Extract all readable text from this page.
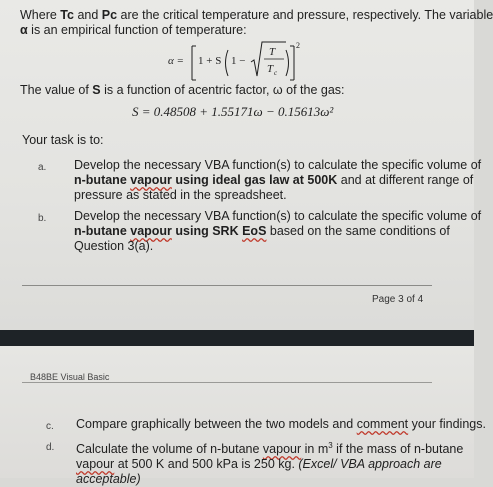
Where Tc and Pc are the critical temperature and pressure, respectively. The variable
α is an empirical function of temperature:
α = 1 + S 1 −
T
T c
2
The value of S is a function of acentric factor, ω of the gas:
S = 0.48508 + 1.55171ω − 0.15613ω²
Your task is to:
a. Develop the necessary VBA function(s) to calculate the specific volume of
n-butane vapour using ideal gas law at 500K and at different range of
pressure as stated in the spreadsheet.
b. Develop the necessary VBA function(s) to calculate the specific volume of
n-butane vapour using SRK EoS based on the same conditions of
Question 3(a).
Page 3 of 4
B48BE Visual Basic
c. Compare graphically between the two models and comment your findings.
d. Calculate the volume of n-butane vapour in $m^3$ if the mass of n-butane
vapour at 500 K and 500 kPa is 250 kg. (Excel/ VBA approach are
acceptable)
